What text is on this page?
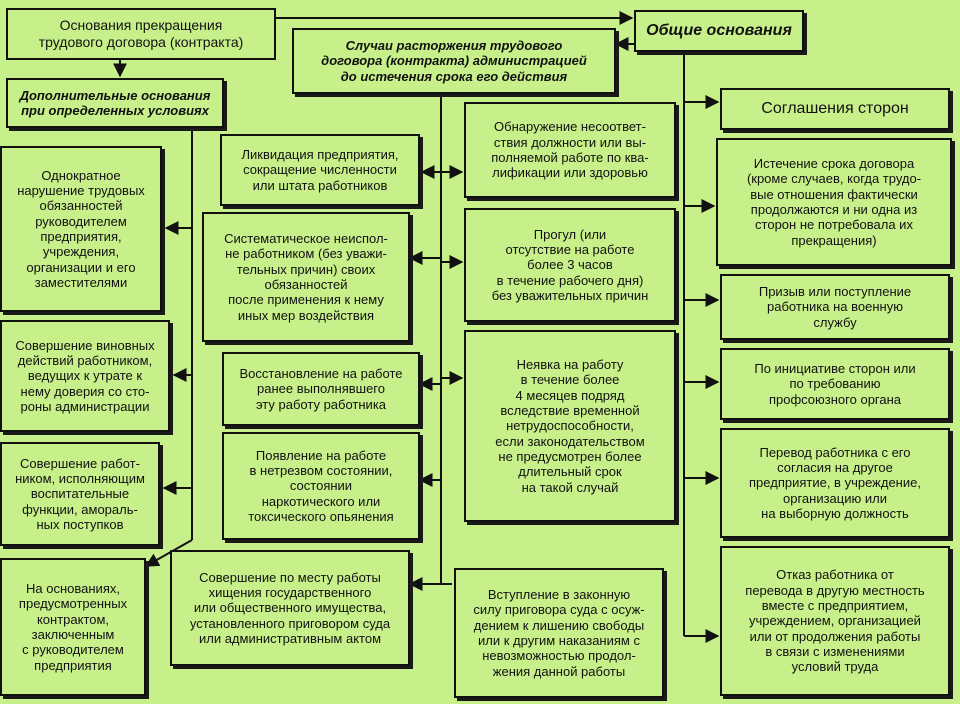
Основания прекращения
трудового договора (контракта)	Случаи расторжения трудового
договора (контракта) администрацией
до истечения срока его действия
Общие основания
Дополнительные основания
при определенных условиях
Однократное
нарушение трудовых
обязанностей
руководителем
предприятия,
учреждения,
организации и его
заместителями
Совершение виновных
действий работником,
ведущих к утрате к
нему доверия со сто-
роны администрации
Совершение работ-
ником, исполняющим
воспитательные
функции, амораль-
ных поступков
На основаниях,
предусмотренных
контрактом,
заключенным
с руководителем
предприятия
Ликвидация предприятия,
сокращение численности
или штата работников
Систематическое неиспол-
не работником (без уважи-
тельных причин) своих
обязанностей
после применения к нему
иных мер воздействия
Восстановление на работе
ранее выполнявшего
эту работу работника
Появление на работе
в нетрезвом состоянии,
состоянии
наркотического или
токсического опьянения
Совершение по месту работы
хищения государственного
или общественного имущества,
установленного приговором суда
или административным актом
Обнаружение несоответ-
ствия должности или вы-
полняемой работе по ква-
лификации или здоровью
Прогул (или
отсутствие на работе
более 3 часов
в течение рабочего дня)
без уважительных причин
Неявка на работу
в течение более
4 месяцев подряд
вследствие временной
нетрудоспособности,
если законодательством
не предусмотрен более
длительный срок
на такой случай
Вступление в законную
силу приговора суда с осуж-
дением к лишению свободы
или к другим наказаниям с
невозможностью продол-
жения данной работы
Соглашения сторон
Истечение срока договора
(кроме случаев, когда трудо-
вые отношения фактически
продолжаются и ни одна из
сторон не потребовала их
прекращения)
Призыв или поступление
работника на военную
службу
По инициативе сторон или
по требованию
профсоюзного органа
Перевод работника с его
согласия на другое
предприятие, в учреждение,
организацию или
на выборную должность
Отказ работника от
перевода в другую местность
вместе с предприятием,
учреждением, организацией
или от продолжения работы
в связи с изменениями
условий труда
